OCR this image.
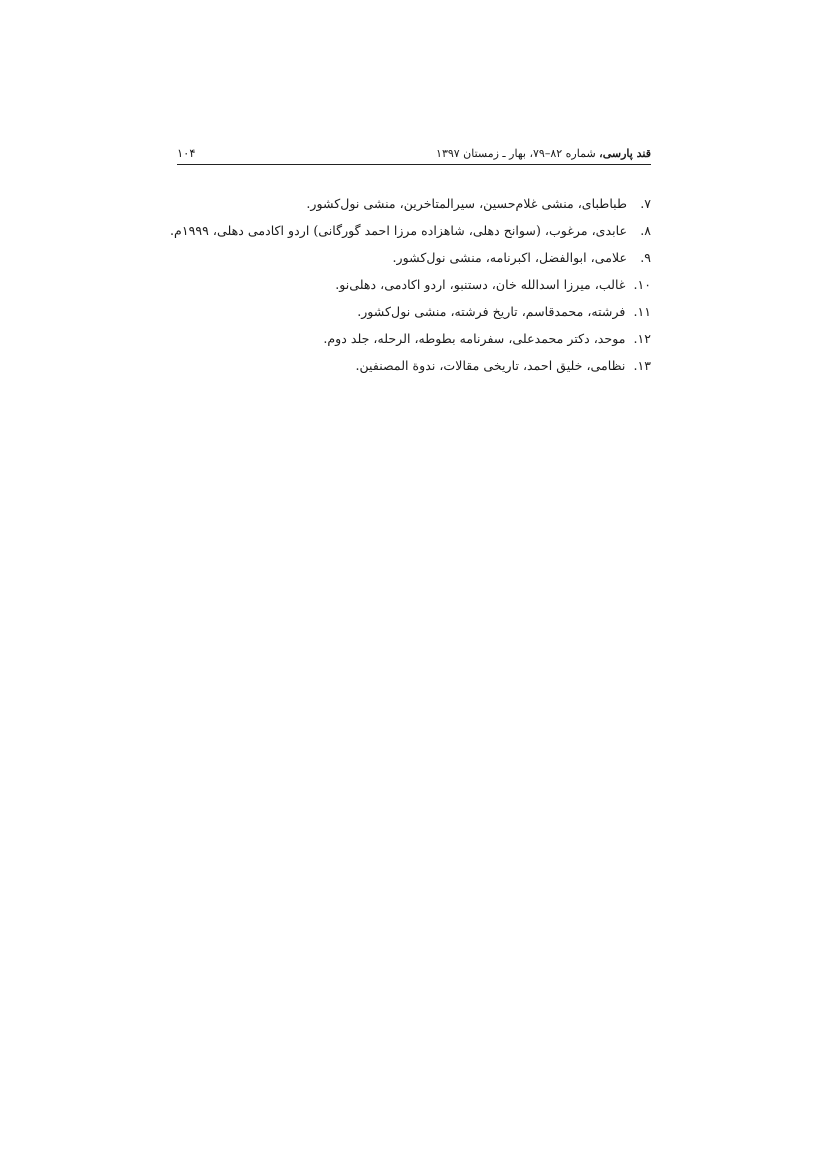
قند پارسی، شماره ۸۲–۷۹، بهار ـ زمستان ۱۳۹۷
۱۰۴
۷.طباطبای، منشی غلام‌حسین، سیرالمتاخرین، منشی نول‌کشور.
۸.عابدی، مرغوب، (سوانح دهلی، شاهزاده مرزا احمد گورگانی) اردو اکادمی دهلی، ۱۹۹۹م.
۹.علامی، ابوالفضل، اکبرنامه، منشی نول‌کشور.
۱۰.غالب، میرزا اسدالله خان، دستنبو، اردو اکادمی، دهلی‌نو.
۱۱.فرشته، محمدقاسم، تاریخ فرشته، منشی نول‌کشور.
۱۲.موحد، دکتر محمدعلی، سفرنامه بطوطه، الرحله، جلد دوم.
۱۳.نظامی، خلیق احمد، تاریخی مقالات، ندوة المصنفین.
